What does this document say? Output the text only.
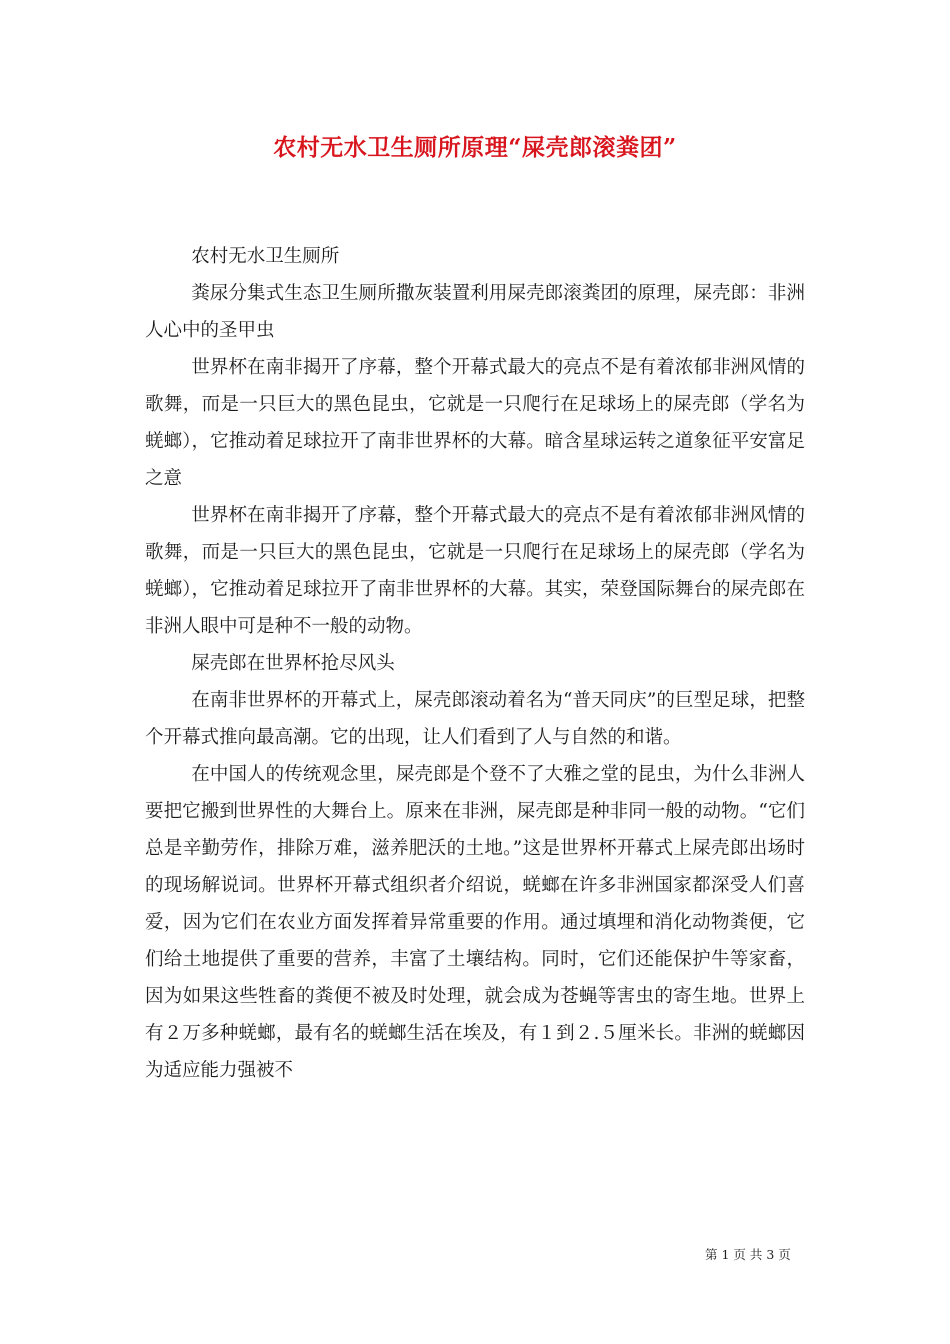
农村无水卫生厕所原理“屎壳郎滚粪团”

农村无水卫生厕所

粪尿分集式生态卫生厕所撒灰装置利用屎壳郎滚粪团的原理，屎壳郎：非洲人心中的圣甲虫

世界杯在南非揭开了序幕，整个开幕式最大的亮点不是有着浓郁非洲风情的歌舞，而是一只巨大的黑色昆虫，它就是一只爬行在足球场上的屎壳郎（学名为蜣螂），它推动着足球拉开了南非世界杯的大幕。暗含星球运转之道象征平安富足之意

世界杯在南非揭开了序幕，整个开幕式最大的亮点不是有着浓郁非洲风情的歌舞，而是一只巨大的黑色昆虫，它就是一只爬行在足球场上的屎壳郎（学名为蜣螂），它推动着足球拉开了南非世界杯的大幕。其实，荣登国际舞台的屎壳郎在非洲人眼中可是种不一般的动物。

屎壳郎在世界杯抢尽风头

在南非世界杯的开幕式上，屎壳郎滚动着名为“普天同庆”的巨型足球，把整个开幕式推向最高潮。它的出现，让人们看到了人与自然的和谐。

在中国人的传统观念里，屎壳郎是个登不了大雅之堂的昆虫，为什么非洲人要把它搬到世界性的大舞台上。原来在非洲，屎壳郎是种非同一般的动物。“它们总是辛勤劳作，排除万难，滋养肥沃的土地。”这是世界杯开幕式上屎壳郎出场时的现场解说词。世界杯开幕式组织者介绍说，蜣螂在许多非洲国家都深受人们喜爱，因为它们在农业方面发挥着异常重要的作用。通过填埋和消化动物粪便，它们给土地提供了重要的营养，丰富了土壤结构。同时，它们还能保护牛等家畜，因为如果这些牲畜的粪便不被及时处理，就会成为苍蝇等害虫的寄生地。世界上有２万多种蜣螂，最有名的蜣螂生活在埃及，有１到２.５厘米长。非洲的蜣螂因为适应能力强被不

第 1 页 共 3 页
